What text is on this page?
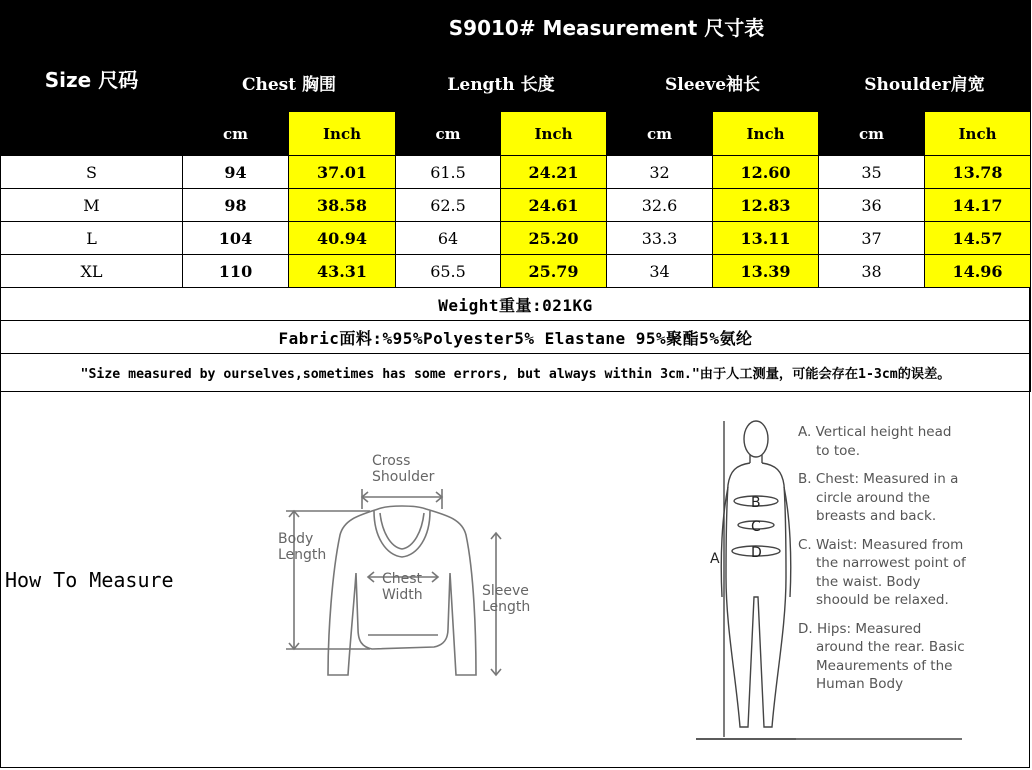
Size 尺码	S9010# Measurement 尺寸表							
	Chest 胸围		Length 长度		Sleeve袖长		Shoulder肩宽	
	cm	Inch	cm	Inch	cm	Inch	cm	Inch
S	94	37.01	61.5	24.21	32	12.60	35	13.78
M	98	38.58	62.5	24.61	32.6	12.83	36	14.17
L	104	40.94	64	25.20	33.3	13.11	37	14.57
XL	110	43.31	65.5	25.79	34	13.39	38	14.96
Weight重量:021KG								
Fabric面料:%95%Polyester5% Elastane 95%聚酯5%氨纶								
"Size measured by ourselves,sometimes has some errors, but always within 3cm."由于人工测量，可能会存在1-3cm的误差。								
How To Measure
Cross
Shoulder
Body
Length
Chest
Width	Sleeve
Length
A
B
C
D

A. Vertical height head to toe.

B. Chest: Measured in a circle around the breasts and back.

C. Waist: Measured from the narrowest point of the waist. Body shoould be relaxed.

D. Hips: Measured around the rear. Basic Meaurements of the Human Body
